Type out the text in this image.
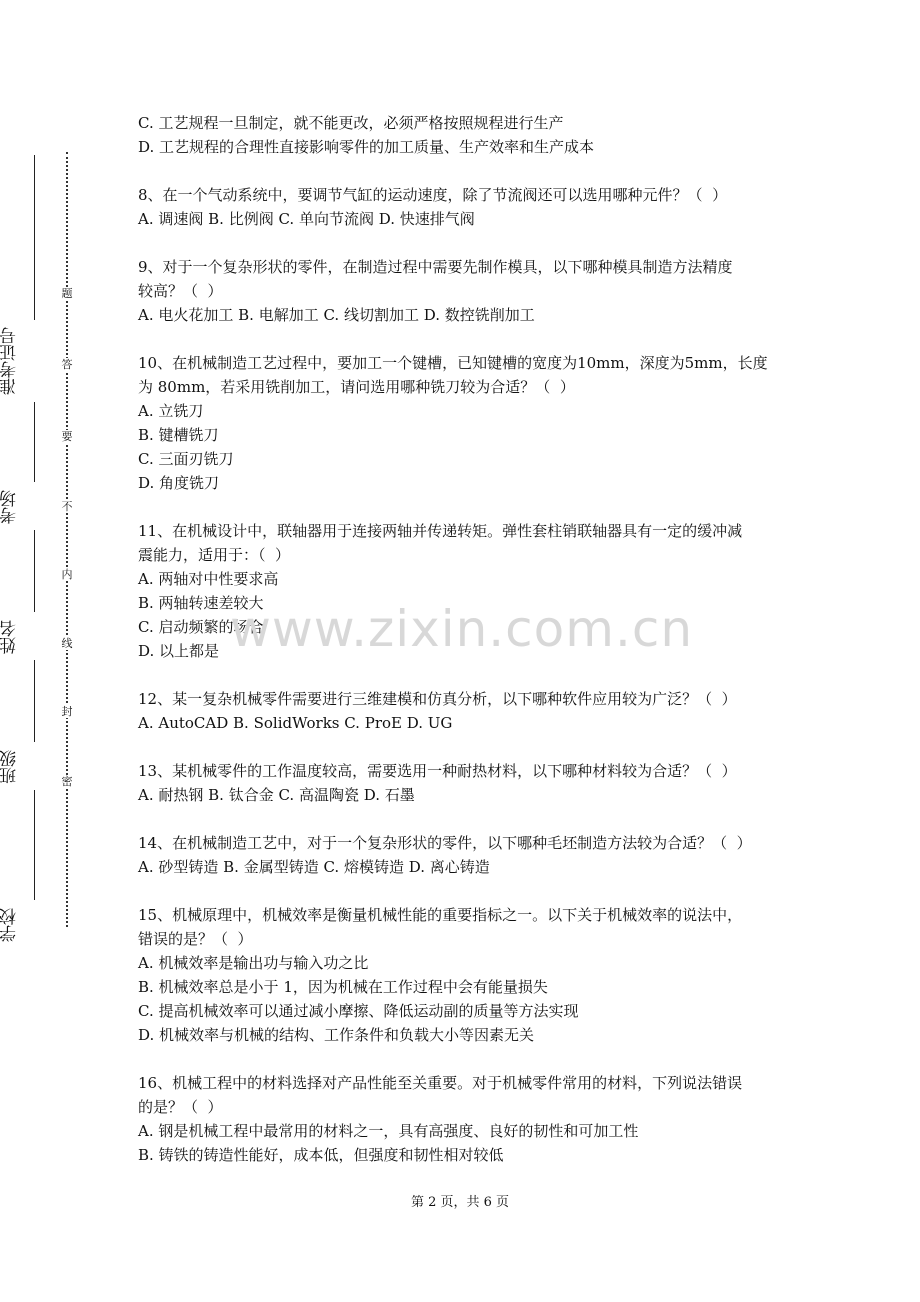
准考证号
考场
姓名
班级
学校
题
答
要
不
内
线
封
密
C. 工艺规程一旦制定，就不能更改，必须严格按照规程进行生产
D. 工艺规程的合理性直接影响零件的加工质量、生产效率和生产成本
8、在一个气动系统中，要调节气缸的运动速度，除了节流阀还可以选用哪种元件？（  ）
A. 调速阀 B. 比例阀 C. 单向节流阀 D. 快速排气阀
9、对于一个复杂形状的零件，在制造过程中需要先制作模具，以下哪种模具制造方法精度
较高？（  ）
A. 电火花加工 B. 电解加工 C. 线切割加工 D. 数控铣削加工
10、在机械制造工艺过程中，要加工一个键槽，已知键槽的宽度为10mm，深度为5mm，长度
为 80mm，若采用铣削加工，请问选用哪种铣刀较为合适？（  ）
A. 立铣刀
B. 键槽铣刀
C. 三面刃铣刀
D. 角度铣刀
11、在机械设计中，联轴器用于连接两轴并传递转矩。弹性套柱销联轴器具有一定的缓冲减
震能力，适用于：（  ）
A. 两轴对中性要求高
B. 两轴转速差较大
C. 启动频繁的场合
D. 以上都是
12、某一复杂机械零件需要进行三维建模和仿真分析，以下哪种软件应用较为广泛？（  ）
A. AutoCAD B. SolidWorks C. ProE D. UG
13、某机械零件的工作温度较高，需要选用一种耐热材料，以下哪种材料较为合适？（  ）
A. 耐热钢 B. 钛合金 C. 高温陶瓷 D. 石墨
14、在机械制造工艺中，对于一个复杂形状的零件，以下哪种毛坯制造方法较为合适？（  ）
A. 砂型铸造 B. 金属型铸造 C. 熔模铸造 D. 离心铸造
15、机械原理中，机械效率是衡量机械性能的重要指标之一。以下关于机械效率的说法中，
错误的是？（  ）
A. 机械效率是输出功与输入功之比
B. 机械效率总是小于 1，因为机械在工作过程中会有能量损失
C. 提高机械效率可以通过减小摩擦、降低运动副的质量等方法实现
D. 机械效率与机械的结构、工作条件和负载大小等因素无关
16、机械工程中的材料选择对产品性能至关重要。对于机械零件常用的材料，下列说法错误
的是？（  ）
A. 钢是机械工程中最常用的材料之一，具有高强度、良好的韧性和可加工性
B. 铸铁的铸造性能好，成本低，但强度和韧性相对较低
www.zixin.com.cn
第 2 页，共 6 页
